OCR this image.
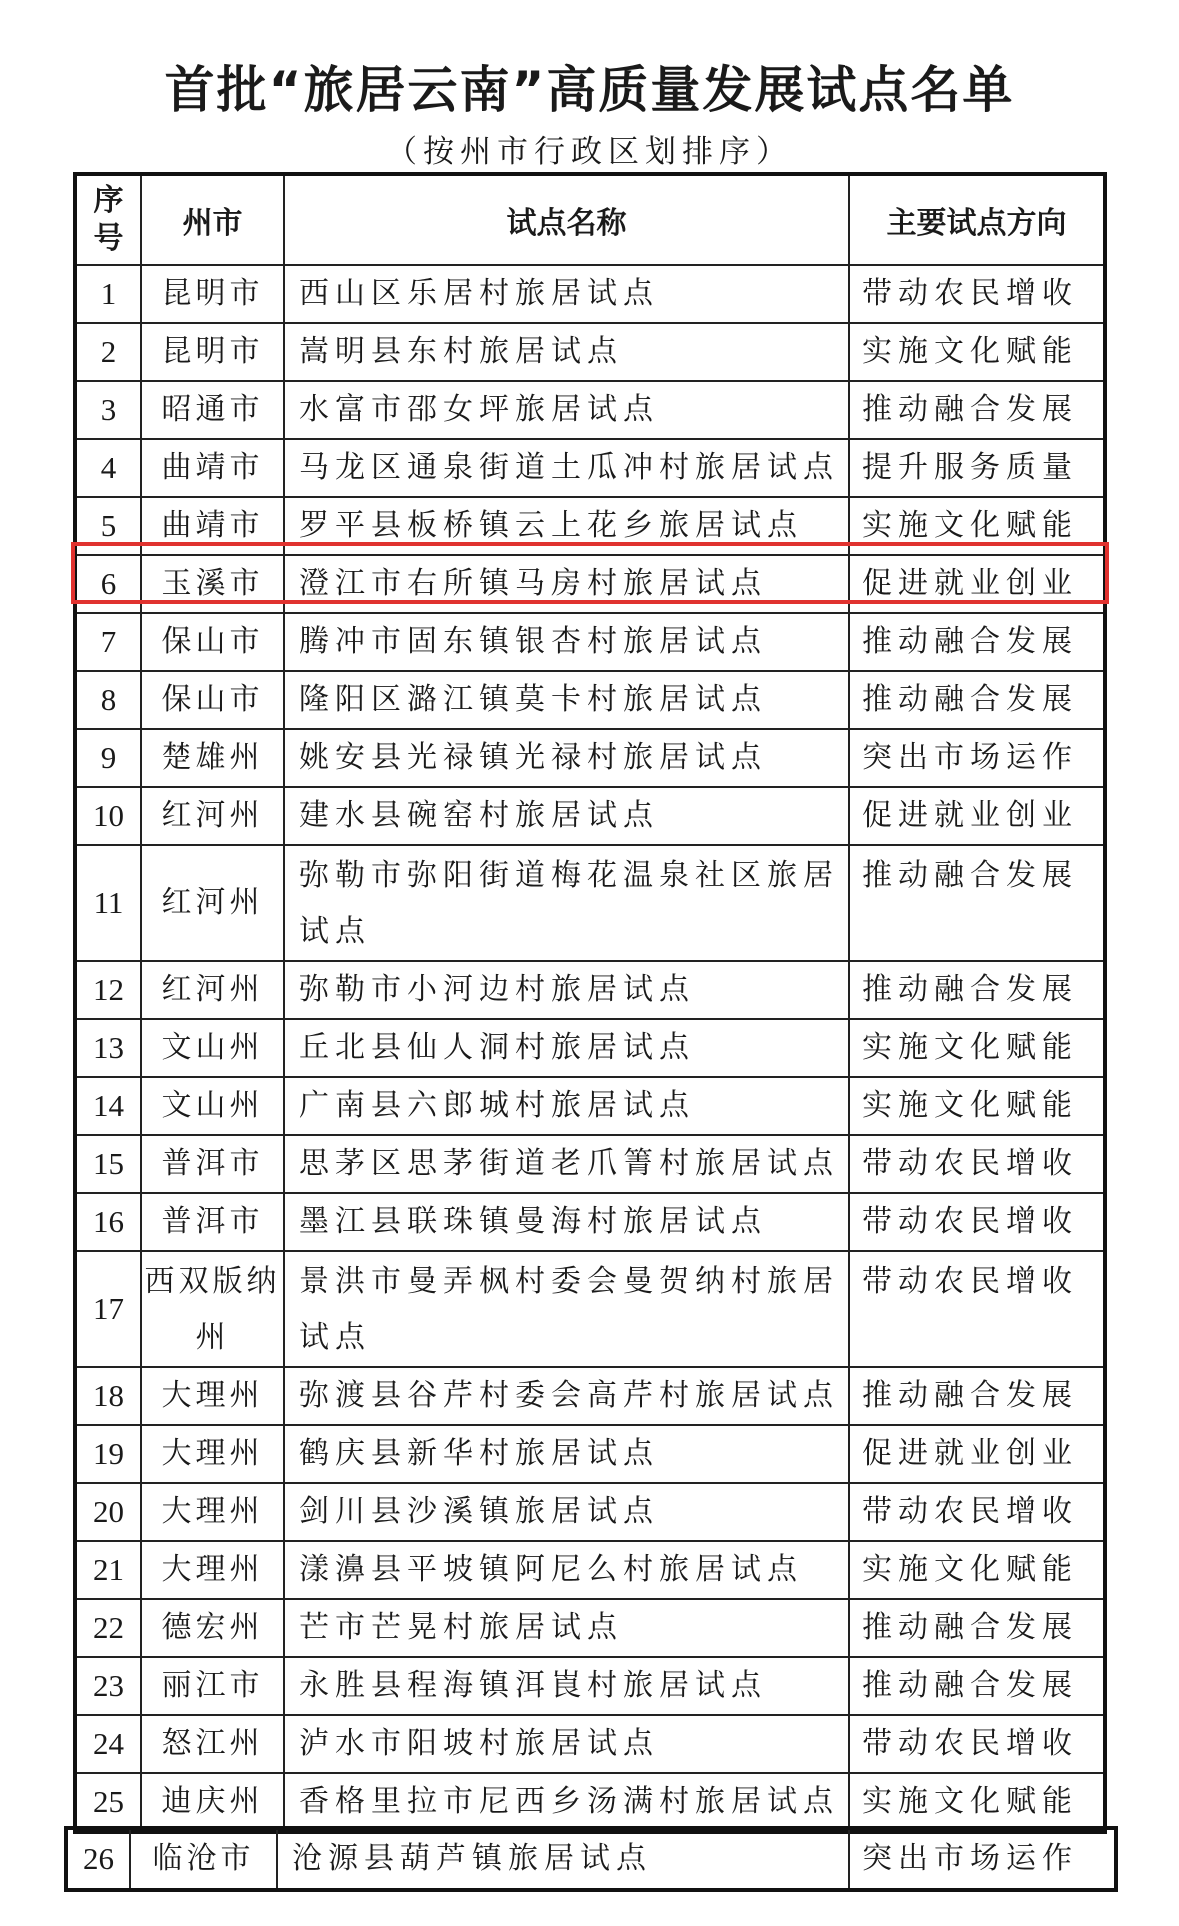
首批“旅居云南”高质量发展试点名单
（按州市行政区划排序）
序号	州市	试点名称	主要试点方向
1	昆明市	西山区乐居村旅居试点	带动农民增收
2	昆明市	嵩明县东村旅居试点	实施文化赋能
3	昭通市	水富市邵女坪旅居试点	推动融合发展
4	曲靖市	马龙区通泉街道土瓜冲村旅居试点	提升服务质量
5	曲靖市	罗平县板桥镇云上花乡旅居试点	实施文化赋能
6	玉溪市	澄江市右所镇马房村旅居试点	促进就业创业
7	保山市	腾冲市固东镇银杏村旅居试点	推动融合发展
8	保山市	隆阳区潞江镇莫卡村旅居试点	推动融合发展
9	楚雄州	姚安县光禄镇光禄村旅居试点	突出市场运作
10	红河州	建水县碗窑村旅居试点	促进就业创业
11	红河州	弥勒市弥阳街道梅花温泉社区旅居试点	推动融合发展
12	红河州	弥勒市小河边村旅居试点	推动融合发展
13	文山州	丘北县仙人洞村旅居试点	实施文化赋能
14	文山州	广南县六郎城村旅居试点	实施文化赋能
15	普洱市	思茅区思茅街道老爪箐村旅居试点	带动农民增收
16	普洱市	墨江县联珠镇曼海村旅居试点	带动农民增收
17	西双版纳州	景洪市曼弄枫村委会曼贺纳村旅居试点	带动农民增收
18	大理州	弥渡县谷芹村委会高芹村旅居试点	推动融合发展
19	大理州	鹤庆县新华村旅居试点	促进就业创业
20	大理州	剑川县沙溪镇旅居试点	带动农民增收
21	大理州	漾濞县平坡镇阿尼么村旅居试点	实施文化赋能
22	德宏州	芒市芒晃村旅居试点	推动融合发展
23	丽江市	永胜县程海镇洱崀村旅居试点	推动融合发展
24	怒江州	泸水市阳坡村旅居试点	带动农民增收
25	迪庆州	香格里拉市尼西乡汤满村旅居试点	实施文化赋能
26	临沧市	沧源县葫芦镇旅居试点	突出市场运作
